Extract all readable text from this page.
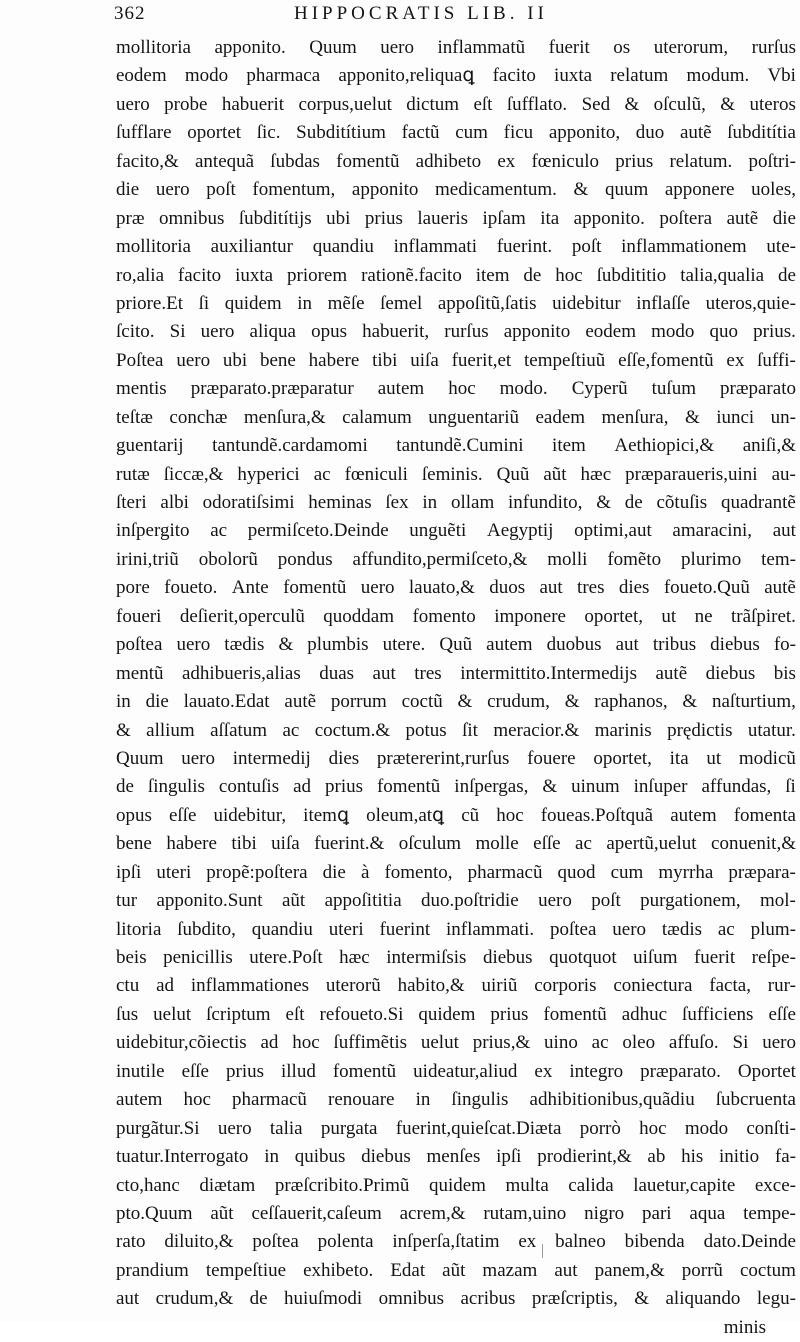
362	HIPPOCRATIS LIB. II
mollitoria apponito. Quum uero inflammatũ fuerit os uterorum, rurſus
eodem modo pharmaca apponito,reliquaꝗ facito iuxta relatum modum. Vbi
uero probe habuerit corpus,uelut dictum eſt ſufflato. Sed & oſculũ, & uteros
ſufflare oportet ſic. Subditítium factũ cum ficu apponito, duo autẽ ſubditítia
facito,& antequã ſubdas fomentũ adhibeto ex fœniculo prius relatum. poſtri-
die uero poſt fomentum, apponito medicamentum. & quum apponere uoles,
præ omnibus ſubditítijs ubi prius laueris ipſam ita apponito. poſtera autẽ die
mollitoria auxiliantur quandiu inflammati fuerint. poſt inflammationem ute-
ro,alia facito iuxta priorem rationẽ.facito item de hoc ſubdititio talia,qualia de
priore.Et ſi quidem in mẽſe ſemel appoſitũ,ſatis uidebitur inflaſſe uteros,quie-
ſcito. Si uero aliqua opus habuerit, rurſus apponito eodem modo quo prius.
Poſtea uero ubi bene habere tibi uiſa fuerit,et tempeſtiuũ eſſe,fomentũ ex ſuffi-
mentis præparato.præparatur autem hoc modo. Cyperũ tuſum præparato
teſtæ conchæ menſura,& calamum unguentariũ eadem menſura, & iunci un-
guentarij tantundẽ.cardamomi tantundẽ.Cumini item Aethiopici,& aniſi,&
rutæ ſiccæ,& hyperici ac fœniculi ſeminis. Quũ aũt hæc præparaueris,uini au-
ſteri albi odoratiſsimi heminas ſex in ollam infundito, & de cõtuſis quadrantẽ
inſpergito ac permiſceto.Deinde unguẽti Aegyptij optimi,aut amaracini, aut
irini,triũ obolorũ pondus affundito,permiſceto,& molli fomẽto plurimo tem-
pore foueto. Ante fomentũ uero lauato,& duos aut tres dies foueto.Quũ autẽ
foueri deſierit,operculũ quoddam fomento imponere oportet, ut ne trãſpiret.
poſtea uero tædis & plumbis utere. Quũ autem duobus aut tribus diebus fo-
mentũ adhibueris,alias duas aut tres intermittito.Intermedijs autẽ diebus bis
in die lauato.Edat autẽ porrum coctũ & crudum, & raphanos, & naſturtium,
& allium aſſatum ac coctum.& potus ſit meracior.& marinis prędictis utatur.
Quum uero intermedij dies prætererint,rurſus fouere oportet, ita ut modicũ
de ſingulis contuſis ad prius fomentũ inſpergas, & uinum inſuper affundas, ſi
opus eſſe uidebitur, itemꝗ oleum,atꝗ cũ hoc foueas.Poſtquã autem fomenta
bene habere tibi uiſa fuerint.& oſculum molle eſſe ac apertũ,uelut conuenit,&
ipſi uteri propẽ:poſtera die à fomento, pharmacũ quod cum myrrha præpara-
tur apponito.Sunt aũt appoſititia duo.poſtridie uero poſt purgationem, mol-
litoria ſubdito, quandiu uteri fuerint inflammati. poſtea uero tædis ac plum-
beis penicillis utere.Poſt hæc intermiſsis diebus quotquot uiſum fuerit reſpe-
ctu ad inflammationes uterorũ habito,& uiriũ corporis coniectura facta, rur-
ſus uelut ſcriptum eſt refoueto.Si quidem prius fomentũ adhuc ſufficiens eſſe
uidebitur,cõiectis ad hoc ſuffimẽtis uelut prius,& uino ac oleo affuſo. Si uero
inutile eſſe prius illud fomentũ uideatur,aliud ex integro præparato. Oportet
autem hoc pharmacũ renouare in ſingulis adhibitionibus,quãdiu ſubcruenta
purgãtur.Si uero talia purgata fuerint,quieſcat.Diæta porrò hoc modo conſti-
tuatur.Interrogato in quibus diebus menſes ipſi prodierint,& ab his initio fa-
cto,hanc diætam præſcribito.Primũ quidem multa calida lauetur,capite exce-
pto.Quum aũt ceſſauerit,caſeum acrem,& rutam,uino nigro pari aqua tempe-
rato diluito,& poſtea polenta inſperſa,ſtatim ex balneo bibenda dato.Deinde
prandium tempeſtiue exhibeto. Edat aũt mazam aut panem,& porrũ coctum
aut crudum,& de huiuſmodi omnibus acribus præſcriptis, & aliquando legu-
minis
